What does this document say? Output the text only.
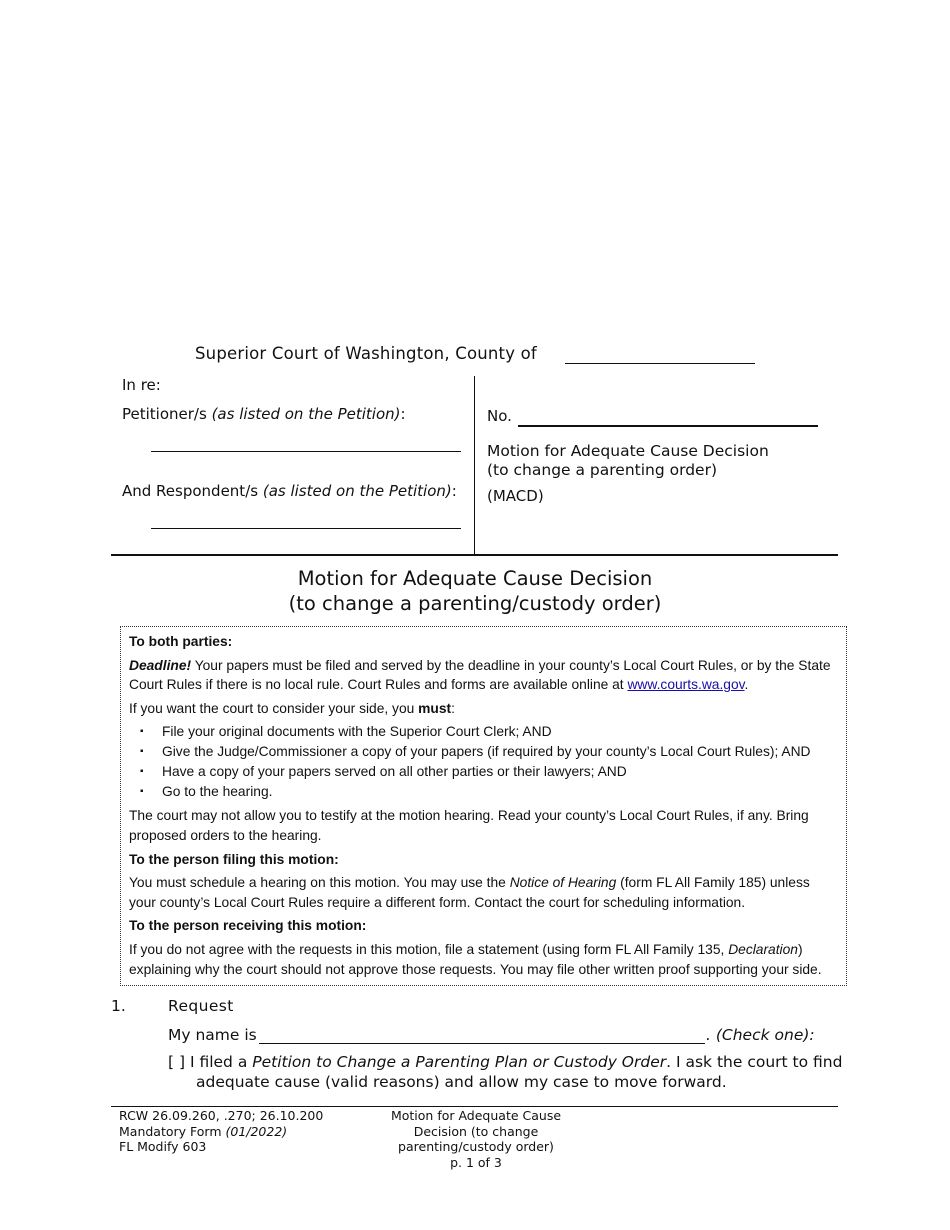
Superior Court of Washington, County of
In re:
Petitioner/s (as listed on the Petition):
And Respondent/s (as listed on the Petition):
No.
Motion for Adequate Cause Decision
(to change a parenting order)
(MACD)
Motion for Adequate Cause Decision
(to change a parenting/custody order)

To both parties:

Deadline! Your papers must be filed and served by the deadline in your county’s Local Court Rules, or by the State Court Rules if there is no local rule. Court Rules and forms are available online at www.courts.wa.gov.

If you want the court to consider your side, you must:

▪ File your original documents with the Superior Court Clerk; AND
▪ Give the Judge/Commissioner a copy of your papers (if required by your county’s Local Court Rules); AND
▪ Have a copy of your papers served on all other parties or their lawyers; AND
▪ Go to the hearing.

The court may not allow you to testify at the motion hearing. Read your county’s Local Court Rules, if any. Bring proposed orders to the hearing.

To the person filing this motion:

You must schedule a hearing on this motion. You may use the Notice of Hearing (form FL All Family 185) unless your county’s Local Court Rules require a different form. Contact the court for scheduling information.

To the person receiving this motion:

If you do not agree with the requests in this motion, file a statement (using form FL All Family 135, Declaration) explaining why the court should not approve those requests. You may file other written proof supporting your side.

1.	Request
My name is	. (Check one):
[ ] I filed a Petition to Change a Parenting Plan or Custody Order. I ask the court to find
adequate cause (valid reasons) and allow my case to move forward.
RCW 26.09.260, .270; 26.10.200
Mandatory Form (01/2022)
FL Modify 603
Motion for Adequate Cause
Decision (to change
parenting/custody order)
p. 1 of 3
